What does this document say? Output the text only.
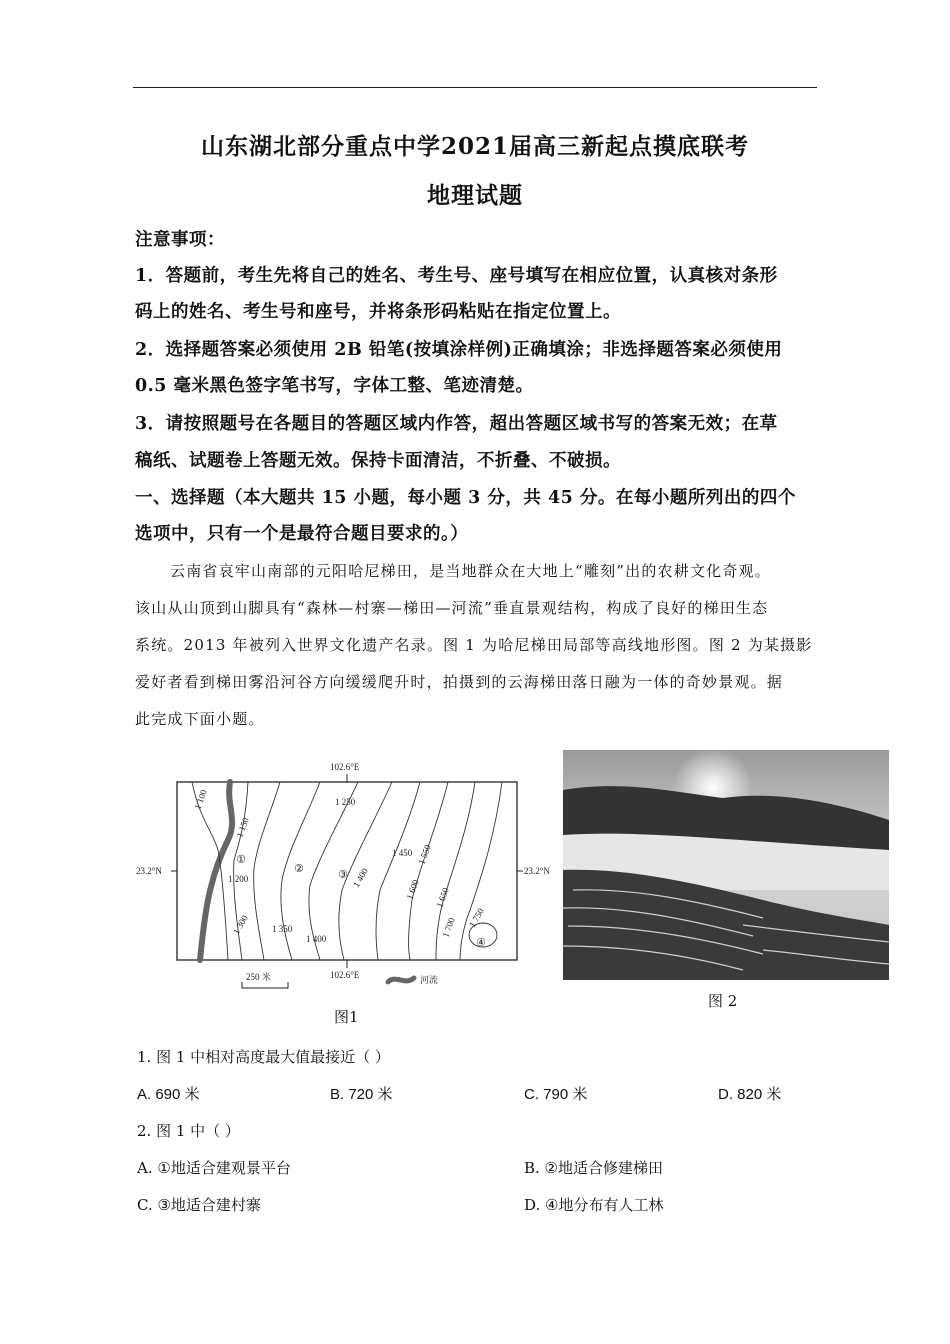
山东湖北部分重点中学2021届高三新起点摸底联考
地理试题
注意事项：
1．答题前，考生先将自己的姓名、考生号、座号填写在相应位置，认真核对条形
码上的姓名、考生号和座号，并将条形码粘贴在指定位置上。
2．选择题答案必须使用 2B 铅笔(按填涂样例)正确填涂；非选择题答案必须使用
0.5 毫米黑色签字笔书写，字体工整、笔迹清楚。
3．请按照题号在各题目的答题区域内作答，超出答题区域书写的答案无效；在草
稿纸、试题卷上答题无效。保持卡面清洁，不折叠、不破损。
一、选择题（本大题共 15 小题，每小题 3 分，共 45 分。在每小题所列出的四个
选项中，只有一个是最符合题目要求的。）
云南省哀牢山南部的元阳哈尼梯田，是当地群众在大地上“雕刻”出的农耕文化奇观。
该山从山顶到山脚具有“森林—村寨—梯田—河流”垂直景观结构，构成了良好的梯田生态
系统。2013 年被列入世界文化遗产名录。图 1 为哈尼梯田局部等高线地形图。图 2 为某摄影
爱好者看到梯田雾沿河谷方向缓缓爬升时，拍摄到的云海梯田落日融为一体的奇妙景观。据
此完成下面小题。
1 100
1 150
1 200
1 250
1 300 1 350
1 400
1 400
1 450 1 550
1 600 1 650
1 700 1 750
①
②	③
④
102.6°E
102.6°E
23.2°N	23.2°N
250 米	河流
图1
图 2
1. 图 1 中相对高度最大值最接近（ ）
A. 690 米	B. 720 米	C. 790 米	D. 820 米
2. 图 1 中（ ）
A. ①地适合建观景平台	B. ②地适合修建梯田
C. ③地适合建村寨	D. ④地分布有人工林
